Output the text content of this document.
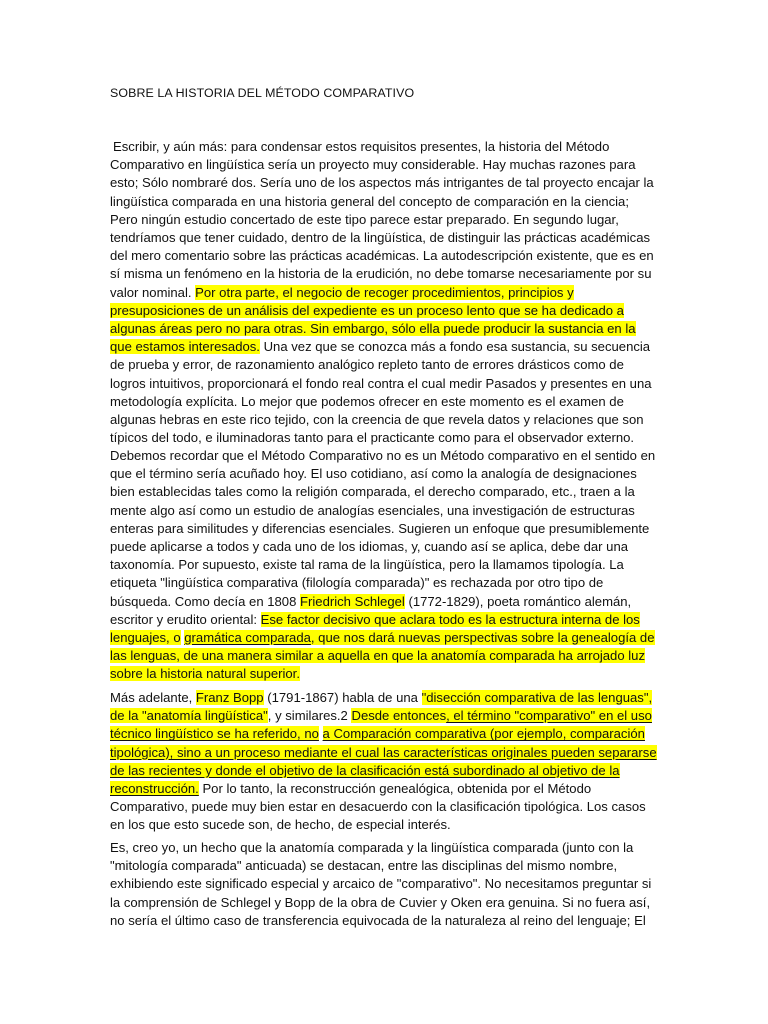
SOBRE LA HISTORIA DEL MÉTODO COMPARATIVO

Escribir, y aún más: para condensar estos requisitos presentes, la historia del Método Comparativo en lingüística sería un proyecto muy considerable. Hay muchas razones para esto; Sólo nombraré dos. Sería uno de los aspectos más intrigantes de tal proyecto encajar la lingüística comparada en una historia general del concepto de comparación en la ciencia; Pero ningún estudio concertado de este tipo parece estar preparado. En segundo lugar, tendríamos que tener cuidado, dentro de la lingüística, de distinguir las prácticas académicas del mero comentario sobre las prácticas académicas. La autodescripción existente, que es en sí misma un fenómeno en la historia de la erudición, no debe tomarse necesariamente por su valor nominal. Por otra parte, el negocio de recoger procedimientos, principios y presuposiciones de un análisis del expediente es un proceso lento que se ha dedicado a algunas áreas pero no para otras. Sin embargo, sólo ella puede producir la sustancia en la que estamos interesados. Una vez que se conozca más a fondo esa sustancia, su secuencia de prueba y error, de razonamiento analógico repleto tanto de errores drásticos como de logros intuitivos, proporcionará el fondo real contra el cual medir Pasados y presentes en una metodología explícita. Lo mejor que podemos ofrecer en este momento es el examen de algunas hebras en este rico tejido, con la creencia de que revela datos y relaciones que son típicos del todo, e iluminadoras tanto para el practicante como para el observador externo.

Debemos recordar que el Método Comparativo no es un Método comparativo en el sentido en que el término sería acuñado hoy. El uso cotidiano, así como la analogía de designaciones bien establecidas tales como la religión comparada, el derecho comparado, etc., traen a la mente algo así como un estudio de analogías esenciales, una investigación de estructuras enteras para similitudes y diferencias esenciales. Sugieren un enfoque que presumiblemente puede aplicarse a todos y cada uno de los idiomas, y, cuando así se aplica, debe dar una taxonomía. Por supuesto, existe tal rama de la lingüística, pero la llamamos tipología. La etiqueta "lingüística comparativa (filología comparada)" es rechazada por otro tipo de búsqueda. Como decía en 1808 Friedrich Schlegel (1772-1829), poeta romántico alemán, escritor y erudito oriental: Ese factor decisivo que aclara todo es la estructura interna de los lenguajes, o gramática comparada, que nos dará nuevas perspectivas sobre la genealogía de las lenguas, de una manera similar a aquella en que la anatomía comparada ha arrojado luz sobre la historia natural superior.

Más adelante, Franz Bopp (1791-1867) habla de una "disección comparativa de las lenguas", de la "anatomía lingüística", y similares.2 Desde entonces, el término "comparativo" en el uso técnico lingüístico se ha referido, no a Comparación comparativa (por ejemplo, comparación tipológica), sino a un proceso mediante el cual las características originales pueden separarse de las recientes y donde el objetivo de la clasificación está subordinado al objetivo de la reconstrucción. Por lo tanto, la reconstrucción genealógica, obtenida por el Método Comparativo, puede muy bien estar en desacuerdo con la clasificación tipológica. Los casos en los que esto sucede son, de hecho, de especial interés.

Es, creo yo, un hecho que la anatomía comparada y la lingüística comparada (junto con la "mitología comparada" anticuada) se destacan, entre las disciplinas del mismo nombre, exhibiendo este significado especial y arcaico de "comparativo". No necesitamos preguntar si la comprensión de Schlegel y Bopp de la obra de Cuvier y Oken era genuina. Si no fuera así, no sería el último caso de transferencia equivocada de la naturaleza al reino del lenguaje; El
